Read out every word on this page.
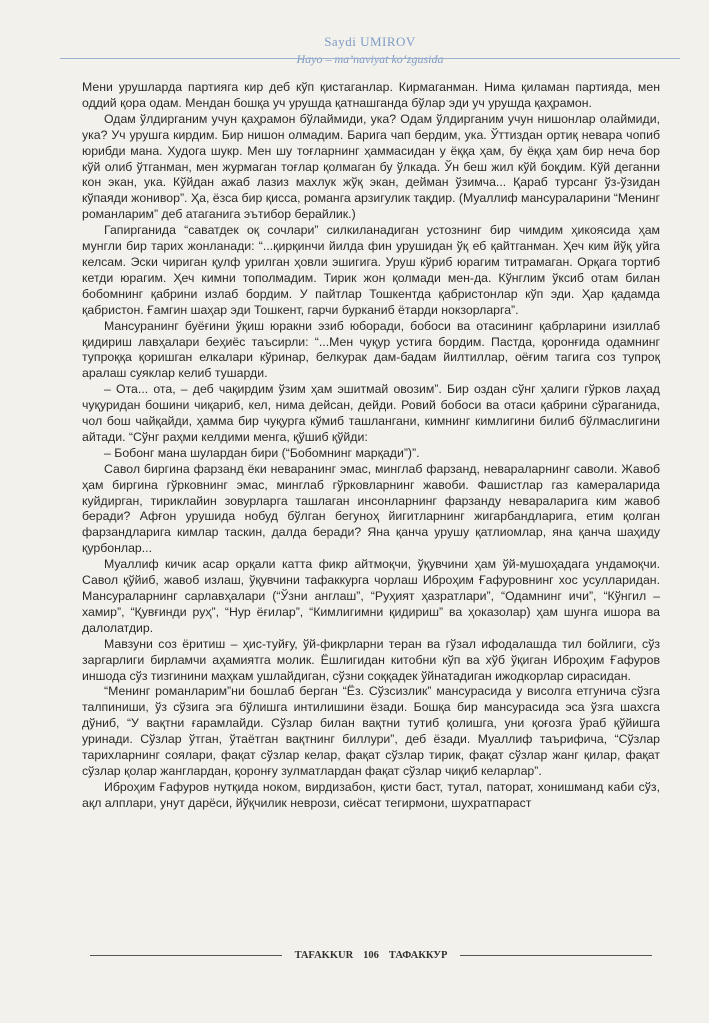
Saydi UMIROV
Hayo – ma’naviyat ko‘zgusida

Мени урушларда партияга кир деб кўп қистаганлар. Кирмаганман. Нима қиламан партияда, мен оддий қора одам. Мендан бошқа уч урушда қатнашганда бўлар эди уч урушда қаҳрамон.

Одам ўлдирганим учун қаҳрамон бўлаймиди, ука? Одам ўлдирганим учун нишонлар олаймиди, ука? Уч урушга кирдим. Бир нишон олмадим. Барига чап бердим, ука. Ўттиздан ортиқ невара чопиб юрибди мана. Худога шукр. Мен шу тоғларнинг ҳаммасидан у ёққа ҳам, бу ёққа ҳам бир неча бор кўй олиб ўтганман, мен журмаган тоғлар қолмаган бу ўлкада. Ўн беш жил кўй боқдим. Кўй деганни кон экан, ука. Кўйдан ажаб лазиз махлук жўқ экан, дейман ўзимча... Қараб турсанг ўз-ўзидан кўпаяди жонивор”. Ҳа, ёзса бир қисса, романга арзигулик тақдир. (Муаллиф мансураларини “Менинг романларим” деб атаганига эътибор берайлик.)

Гапирганида “саватдек оқ сочлари” силкиланадиган устознинг бир чимдим ҳикоясида ҳам мунгли бир тарих жонланади: “...қирқинчи йилда фин урушидан ўқ еб қайтганман. Ҳеч ким йўқ уйга келсам. Эски чириган қулф урилган ҳовли эшигига. Уруш кўриб юрагим титрамаган. Орқага тортиб кетди юрагим. Ҳеч кимни тополмадим. Тирик жон қолмади мен-да. Кўнглим ўксиб отам билан бобомнинг қабрини излаб бордим. У пайтлар Тошкентда қабристонлар кўп эди. Ҳар қадамда қабристон. Ғамгин шаҳар эди Тошкент, гарчи бурканиб ётарди нокзорларга”.

Мансуранинг буёғини ўқиш юракни эзиб юборади, бобоси ва отасининг қабрларини изиллаб қидириш лавҳалари беҳиёс таъсирли: “...Мен чуқур устига бордим. Пастда, қоронғида одамнинг тупроққа қоришган елкалари кўринар, белкурак дам-бадам йилтиллар, оёғим тагига соз тупроқ аралаш суяклар келиб тушарди.

– Ота... ота, – деб чақирдим ўзим ҳам эшитмай овозим”. Бир оздан сўнг ҳалиги гўрков лаҳад чуқуридан бошини чиқариб, кел, нима дейсан, дейди. Ровий бобоси ва отаси қабрини сўраганида, чол бош чайқайди, ҳамма бир чуқурга кўмиб ташлангани, кимнинг кимлигини билиб бўлмаслигини айтади. “Сўнг раҳми келдими менга, қўшиб қўйди:

– Бобонг мана шулардан бири (“Бобомнинг марқади”)”.

Савол биргина фарзанд ёки неваранинг эмас, минглаб фарзанд, невараларнинг саволи. Жавоб ҳам биргина гўрковнинг эмас, минглаб гўрковларнинг жавоби. Фашистлар газ камераларида куйдирган, тириклайин зовурларга ташлаган инсонларнинг фарзанду невараларига ким жавоб беради? Афғон урушида нобуд бўлган бегуноҳ йигитларнинг жигарбандларига, етим қолган фарзандларига кимлар таскин, далда беради? Яна қанча урушу қатлиомлар, яна қанча шаҳиду қурбонлар...

Муаллиф кичик асар орқали катта фикр айтмоқчи, ўқувчини ҳам ўй-мушоҳадага ундамоқчи. Савол қўйиб, жавоб излаш, ўқувчини тафаккурга чорлаш Иброҳим Ғафуровнинг хос усулларидан. Мансураларнинг сарлавҳалари (“Ўзни англаш”, “Руҳият ҳазратлари”, “Одамнинг ичи”, “Кўнгил – хамир”, “Қувғинди руҳ”, “Нур ёғилар”, “Кимлигимни қидириш” ва ҳоказолар) ҳам шунга ишора ва далолатдир.

Мавзуни соз ёритиш – ҳис-туйғу, ўй-фикрларни теран ва гўзал ифодалашда тил бойлиги, сўз заргарлиги бирламчи аҳамиятга молик. Ёшлигидан китобни кўп ва хўб ўқиган Иброҳим Ғафуров иншода сўз тизгинини маҳкам ушлайдиган, сўзни соққадек ўйнатадиган ижодкорлар сирасидан.

“Менинг романларим”ни бошлаб берган “Ёз. Сўзсизлик” мансурасида у висолга етгунича сўзга талпиниши, ўз сўзига эга бўлишга интилишини ёзади. Бошқа бир мансурасида эса ўзга шахсга дўниб, “У вақтни ғарамлайди. Сўзлар билан вақтни тутиб қолишга, уни қоғозга ўраб қўйишга уринади. Сўзлар ўтган, ўтаётган вақтнинг биллури”, деб ёзади. Муаллиф таърифича, “Сўзлар тарихларнинг соялари, фақат сўзлар келар, фақат сўзлар тирик, фақат сўзлар жанг қилар, фақат сўзлар қолар жанглардан, қоронғу зулматлардан фақат сўзлар чиқиб келарлар”.

Иброҳим Ғафуров нутқида ноком, вирдизабон, қисти баст, тутал, паторат, хонишманд каби сўз, ақл алплари, унут дарёси, йўқчилик неврози, сиёсат тегирмони, шухратпараст

TAFAKKUR 106 ТАФАККУР
